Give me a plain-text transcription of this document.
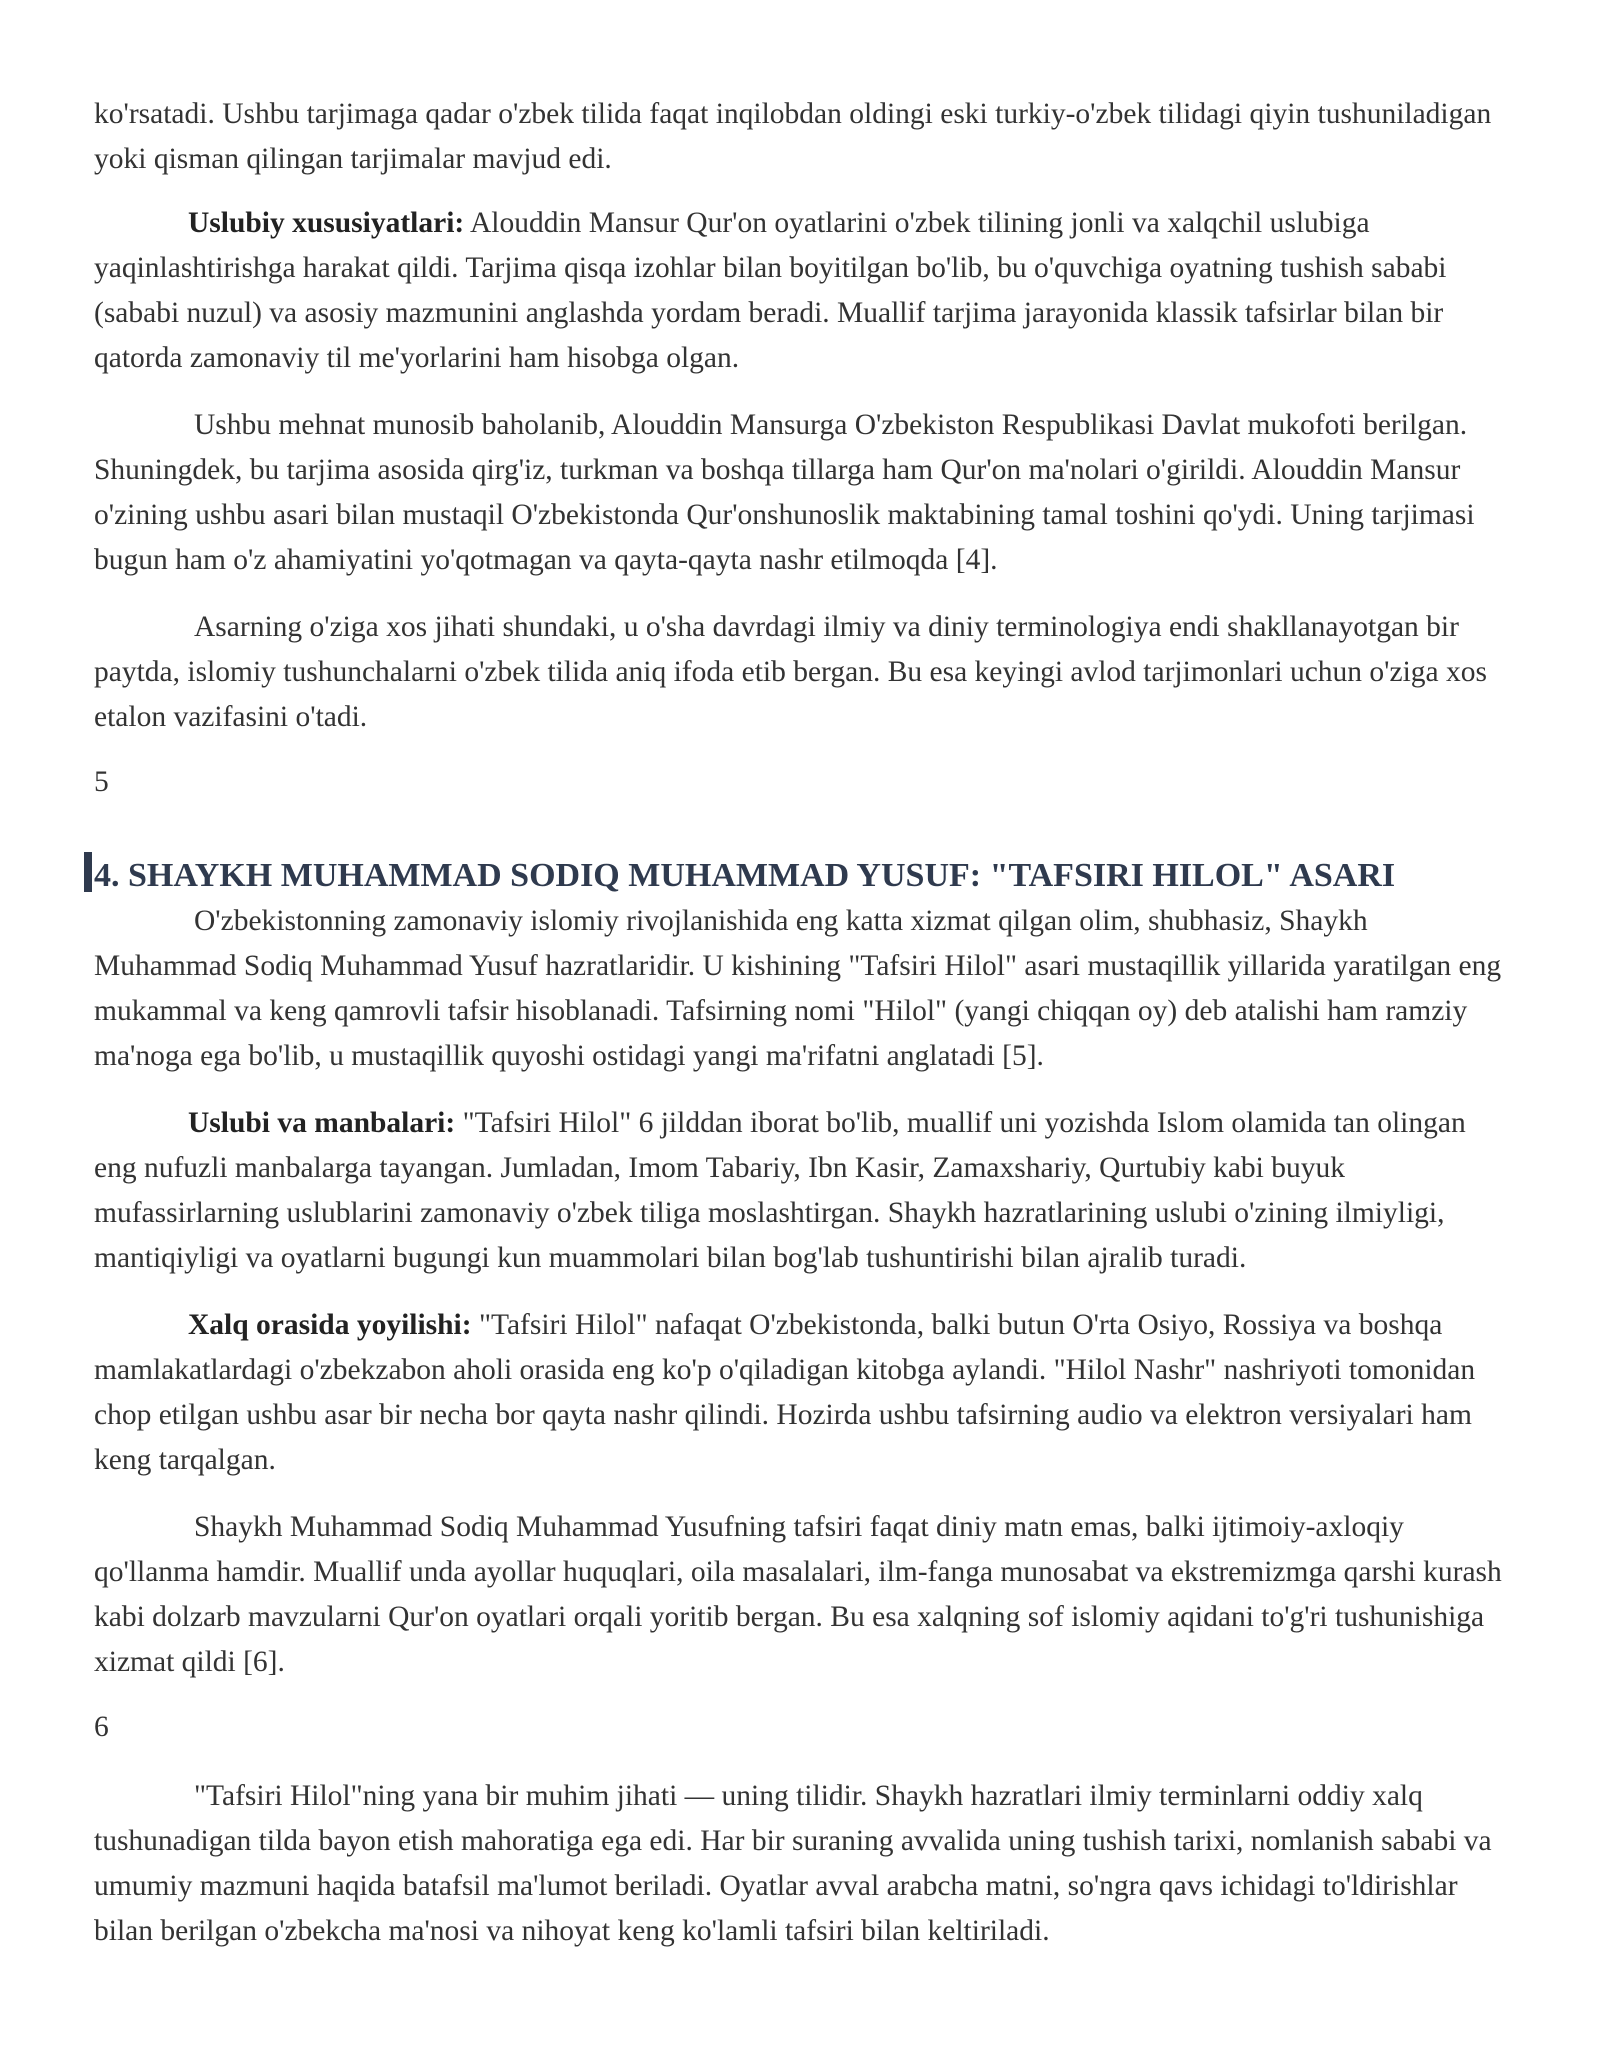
ko'rsatadi. Ushbu tarjimaga qadar o'zbek tilida faqat inqilobdan oldingi eski turkiy-o'zbek tilidagi qiyin tushuniladigan yoki qisman qilingan tarjimalar mavjud edi.

Uslubiy xususiyatlari: Alouddin Mansur Qur'on oyatlarini o'zbek tilining jonli va xalqchil uslubiga yaqinlashtirishga harakat qildi. Tarjima qisqa izohlar bilan boyitilgan bo'lib, bu o'quvchiga oyatning tushish sababi (sababi nuzul) va asosiy mazmunini anglashda yordam beradi. Muallif tarjima jarayonida klassik tafsirlar bilan bir qatorda zamonaviy til me'yorlarini ham hisobga olgan.

Ushbu mehnat munosib baholanib, Alouddin Mansurga O'zbekiston Respublikasi Davlat mukofoti berilgan. Shuningdek, bu tarjima asosida qirg'iz, turkman va boshqa tillarga ham Qur'on ma'nolari o'girildi. Alouddin Mansur o'zining ushbu asari bilan mustaqil O'zbekistonda Qur'onshunoslik maktabining tamal toshini qo'ydi. Uning tarjimasi bugun ham o'z ahamiyatini yo'qotmagan va qayta-qayta nashr etilmoqda [4].

Asarning o'ziga xos jihati shundaki, u o'sha davrdagi ilmiy va diniy terminologiya endi shakllanayotgan bir paytda, islomiy tushunchalarni o'zbek tilida aniq ifoda etib bergan. Bu esa keyingi avlod tarjimonlari uchun o'ziga xos etalon vazifasini o'tadi.

5

4. SHAYKH MUHAMMAD SODIQ MUHAMMAD YUSUF: "TAFSIRI HILOL" ASARI

O'zbekistonning zamonaviy islomiy rivojlanishida eng katta xizmat qilgan olim, shubhasiz, Shaykh Muhammad Sodiq Muhammad Yusuf hazratlaridir. U kishining "Tafsiri Hilol" asari mustaqillik yillarida yaratilgan eng mukammal va keng qamrovli tafsir hisoblanadi. Tafsirning nomi "Hilol" (yangi chiqqan oy) deb atalishi ham ramziy ma'noga ega bo'lib, u mustaqillik quyoshi ostidagi yangi ma'rifatni anglatadi [5].

Uslubi va manbalari: "Tafsiri Hilol" 6 jilddan iborat bo'lib, muallif uni yozishda Islom olamida tan olingan eng nufuzli manbalarga tayangan. Jumladan, Imom Tabariy, Ibn Kasir, Zamaxshariy, Qurtubiy kabi buyuk mufassirlarning uslublarini zamonaviy o'zbek tiliga moslashtirgan. Shaykh hazratlarining uslubi o'zining ilmiyligi, mantiqiyligi va oyatlarni bugungi kun muammolari bilan bog'lab tushuntirishi bilan ajralib turadi.

Xalq orasida yoyilishi: "Tafsiri Hilol" nafaqat O'zbekistonda, balki butun O'rta Osiyo, Rossiya va boshqa mamlakatlardagi o'zbekzabon aholi orasida eng ko'p o'qiladigan kitobga aylandi. "Hilol Nashr" nashriyoti tomonidan chop etilgan ushbu asar bir necha bor qayta nashr qilindi. Hozirda ushbu tafsirning audio va elektron versiyalari ham keng tarqalgan.

Shaykh Muhammad Sodiq Muhammad Yusufning tafsiri faqat diniy matn emas, balki ijtimoiy-axloqiy qo'llanma hamdir. Muallif unda ayollar huquqlari, oila masalalari, ilm-fanga munosabat va ekstremizmga qarshi kurash kabi dolzarb mavzularni Qur'on oyatlari orqali yoritib bergan. Bu esa xalqning sof islomiy aqidani to'g'ri tushunishiga xizmat qildi [6].

6

"Tafsiri Hilol"ning yana bir muhim jihati — uning tilidir. Shaykh hazratlari ilmiy terminlarni oddiy xalq tushunadigan tilda bayon etish mahoratiga ega edi. Har bir suraning avvalida uning tushish tarixi, nomlanish sababi va umumiy mazmuni haqida batafsil ma'lumot beriladi. Oyatlar avval arabcha matni, so'ngra qavs ichidagi to'ldirishlar bilan berilgan o'zbekcha ma'nosi va nihoyat keng ko'lamli tafsiri bilan keltiriladi.
